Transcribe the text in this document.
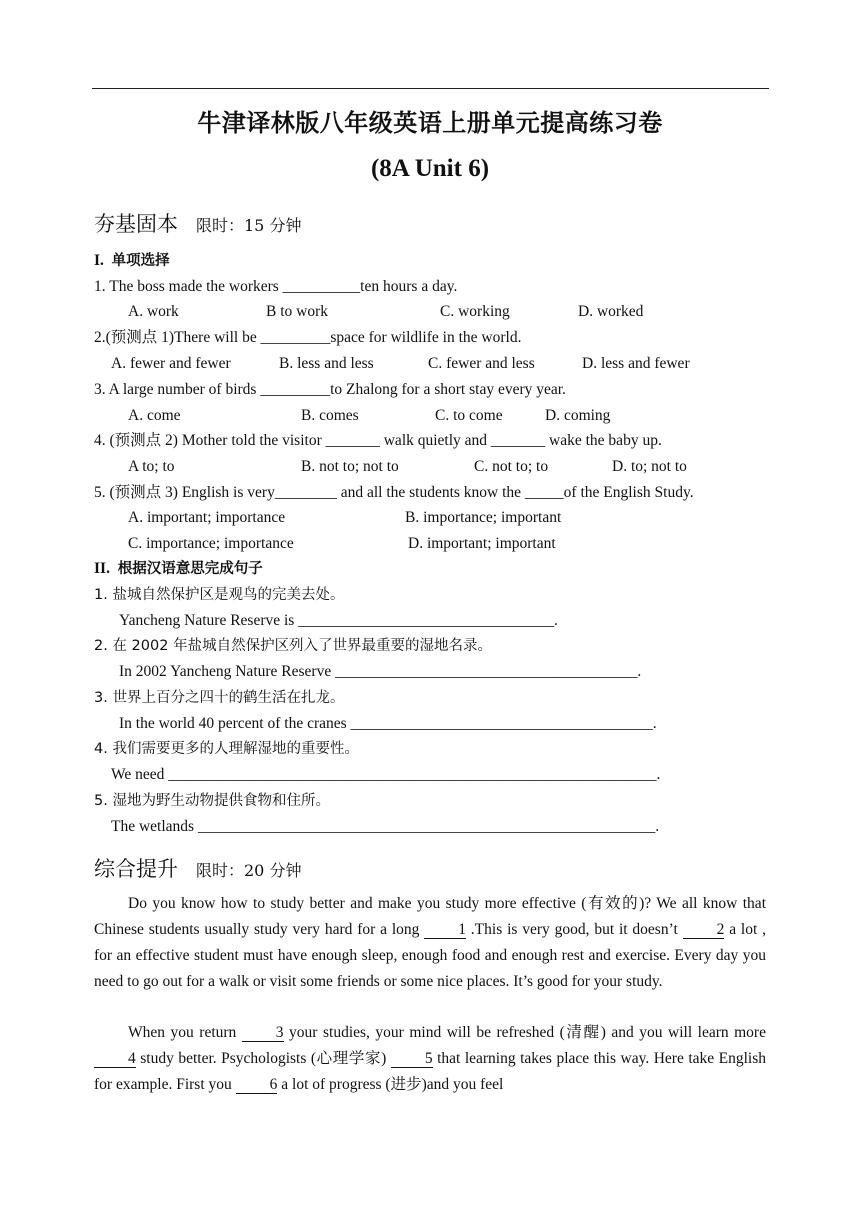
牛津译林版八年级英语上册单元提高练习卷
(8A Unit 6)
夯基固本 限时：15 分钟
I. 单项选择
1. The boss made the workers __________ten hours a day.
A. work	B to work	C. working	D. worked
2.(预测点 1)There will be _________space for wildlife in the world.
A. fewer and fewer	B. less and less	C. fewer and less	D. less and fewer
3. A large number of birds _________to Zhalong for a short stay every year.
A. come	B. comes	C. to come	D. coming
4. (预测点 2) Mother told the visitor _______ walk quietly and _______ wake the baby up.
A to; to	B. not to; not to	C. not to; to	D. to; not to
5. (预测点 3) English is very________ and all the students know the _____of the English Study.
A. important; importance	B. importance; important
C. importance; importance	D. important; important
II. 根据汉语意思完成句子
1. 盐城自然保护区是观鸟的完美去处。
Yancheng Nature Reserve is _________________________________.
2. 在 2002 年盐城自然保护区列入了世界最重要的湿地名录。
In 2002 Yancheng Nature Reserve _______________________________________.
3. 世界上百分之四十的鹤生活在扎龙。
In the world 40 percent of the cranes _______________________________________.
4. 我们需要更多的人理解湿地的重要性。
We need _______________________________________________________________.
5. 湿地为野生动物提供食物和住所。
The wetlands ___________________________________________________________.
综合提升 限时：20 分钟
Do you know how to study better and make you study more effective (有效的)? We all know that Chinese students usually study very hard for a long 1 .This is very good, but it doesn’t 2 a lot , for an effective student must have enough sleep, enough food and enough rest and exercise. Every day you need to go out for a walk or visit some friends or some nice places. It’s good for your study.
When you return 3 your studies, your mind will be refreshed (清醒) and you will learn more 4 study better. Psychologists (心理学家) 5 that learning takes place this way. Here take English for example. First you 6 a lot of progress (进步)and you feel
